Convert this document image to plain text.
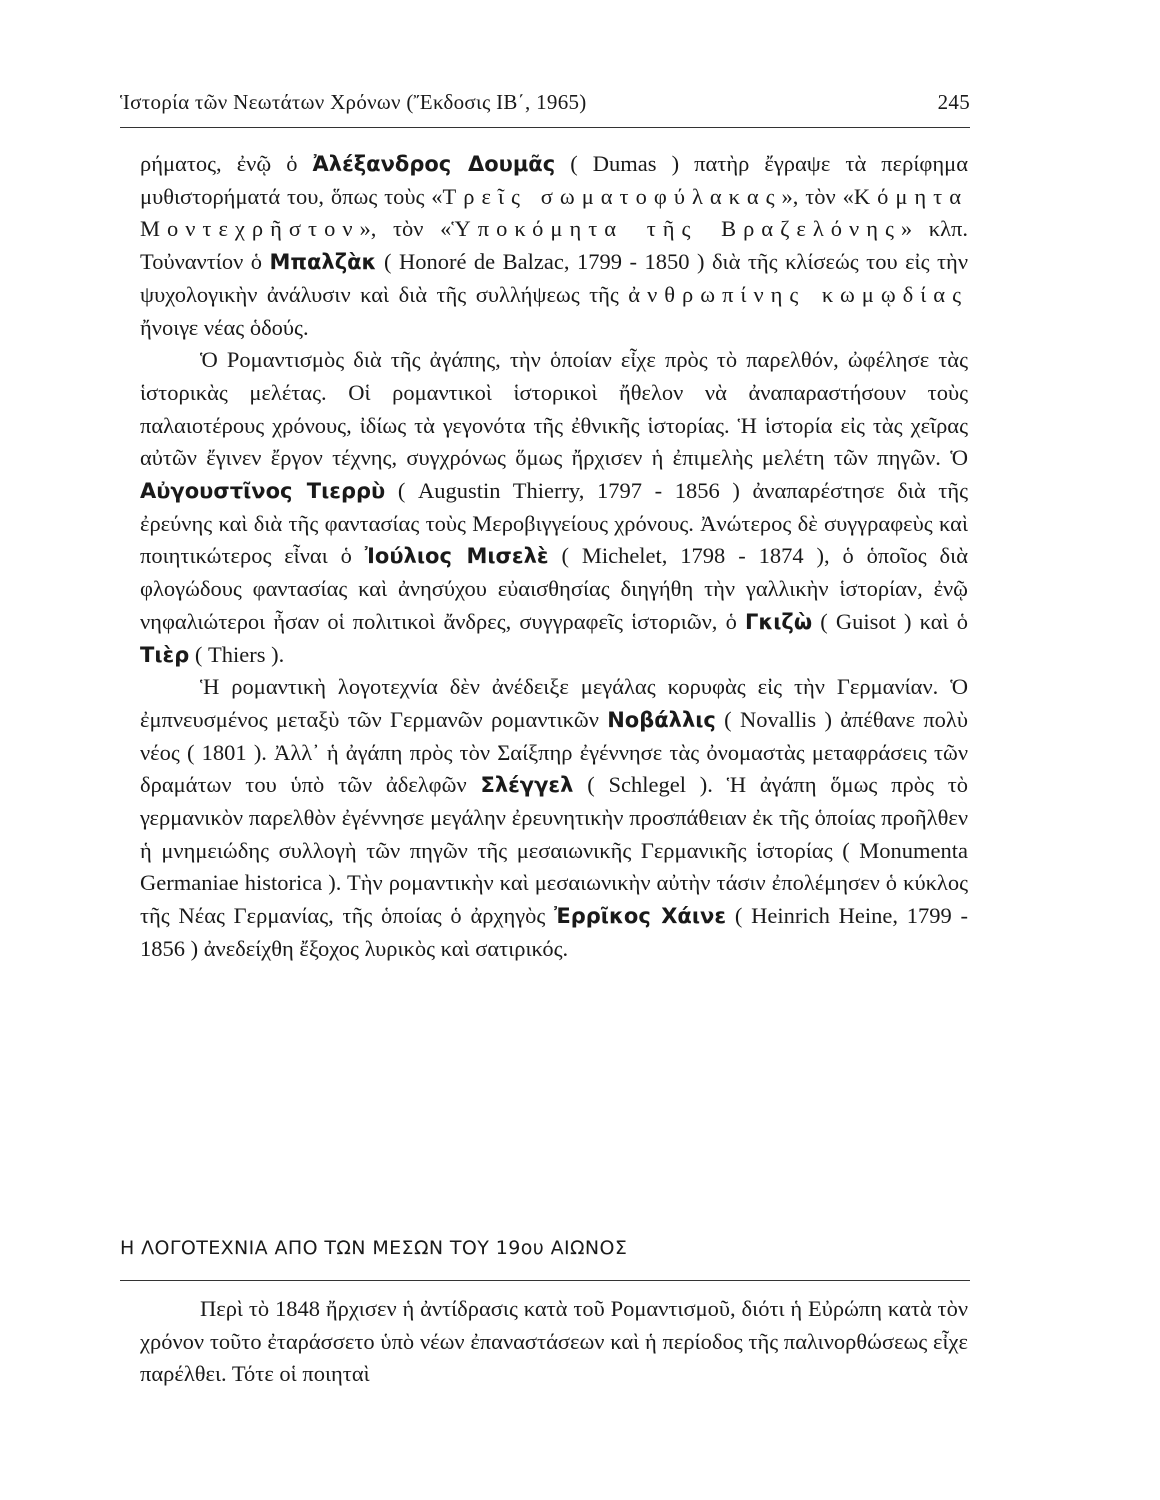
Ἱστορία τῶν Νεωτάτων Χρόνων (Ἔκδοσις ΙΒ΄, 1965)	245

ρήματος, ἐνῷ ὁ Ἀλέξανδρος Δουμᾶς ( Dumas ) πατὴρ ἔγραψε τὰ περίφημα μυθιστορήματά του, ὅπως τοὺς «Τρεῖς σωματοφύλακας», τὸν «Κόμητα Μοντεχρῆστον», τὸν «Ὑποκόμητα τῆς Βραζελόνης» κλπ. Τοὐναντίον ὁ Μπαλζὰκ ( Honoré de Balzac, 1799 - 1850 ) διὰ τῆς κλίσεώς του εἰς τὴν ψυχολογικὴν ἀνάλυσιν καὶ διὰ τῆς συλλήψεως τῆς ἀνθρωπίνης κωμῳδίας ἤνοιγε νέας ὁδούς.

Ὁ Ρομαντισμὸς διὰ τῆς ἀγάπης, τὴν ὁποίαν εἶχε πρὸς τὸ παρελθόν, ὠφέλησε τὰς ἱστορικὰς μελέτας. Οἱ ρομαντικοὶ ἱστορικοὶ ἤθελον νὰ ἀναπαραστήσουν τοὺς παλαιοτέρους χρόνους, ἰδίως τὰ γεγονότα τῆς ἐθνικῆς ἱστορίας. Ἡ ἱστορία εἰς τὰς χεῖρας αὐτῶν ἔγινεν ἔργον τέχνης, συγχρόνως ὅμως ἤρχισεν ἡ ἐπιμελὴς μελέτη τῶν πηγῶν. Ὁ Αὐγουστῖνος Τιερρὺ ( Augustin Thierry, 1797 - 1856 ) ἀναπαρέστησε διὰ τῆς ἐρεύνης καὶ διὰ τῆς φαντασίας τοὺς Μεροβιγγείους χρόνους. Ἀνώτερος δὲ συγγραφεὺς καὶ ποιητικώτερος εἶναι ὁ Ἰούλιος Μισελὲ ( Michelet, 1798 - 1874 ), ὁ ὁποῖος διὰ φλογώδους φαντασίας καὶ ἀνησύχου εὐαισθησίας διηγήθη τὴν γαλλικὴν ἱστορίαν, ἐνῷ νηφαλιώτεροι ἦσαν οἱ πολιτικοὶ ἄνδρες, συγγραφεῖς ἱστοριῶν, ὁ Γκιζὼ ( Guisot ) καὶ ὁ Τιὲρ ( Thiers ).

Ἡ ρομαντικὴ λογοτεχνία δὲν ἀνέδειξε μεγάλας κορυφὰς εἰς τὴν Γερμανίαν. Ὁ ἐμπνευσμένος μεταξὺ τῶν Γερμανῶν ρομαντικῶν Νοβάλλις ( Novallis ) ἀπέθανε πολὺ νέος ( 1801 ). Ἀλλ᾽ ἡ ἀγάπη πρὸς τὸν Σαίξπηρ ἐγέννησε τὰς ὀνομαστὰς μεταφράσεις τῶν δραμάτων του ὑπὸ τῶν ἀδελφῶν Σλέγγελ ( Schlegel ). Ἡ ἀγάπη ὅμως πρὸς τὸ γερμανικὸν παρελθὸν ἐγέννησε μεγάλην ἐρευνητικὴν προσπάθειαν ἐκ τῆς ὁποίας προῆλθεν ἡ μνημειώδης συλλογὴ τῶν πηγῶν τῆς μεσαιωνικῆς Γερμανικῆς ἱστορίας ( Monumenta Germaniae historica ). Τὴν ρομαντικὴν καὶ μεσαιωνικὴν αὐτὴν τάσιν ἐπολέμησεν ὁ κύκλος τῆς Νέας Γερμανίας, τῆς ὁποίας ὁ ἀρχηγὸς Ἐρρῖκος Χάινε ( Heinrich Heine, 1799 - 1856 ) ἀνεδείχθη ἔξοχος λυρικὸς καὶ σατιρικός.

Η ΛΟΓΟΤΕΧΝΙΑ ΑΠΟ ΤΩΝ ΜΕΣΩΝ ΤΟΥ 19ου ΑΙΩΝΟΣ

Περὶ τὸ 1848 ἤρχισεν ἡ ἀντίδρασις κατὰ τοῦ Ρομαντισμοῦ, διότι ἡ Εὐρώπη κατὰ τὸν χρόνον τοῦτο ἐταράσσετο ὑπὸ νέων ἐπαναστάσεων καὶ ἡ περίοδος τῆς παλινορθώσεως εἶχε παρέλθει. Τότε οἱ ποιηταὶ
